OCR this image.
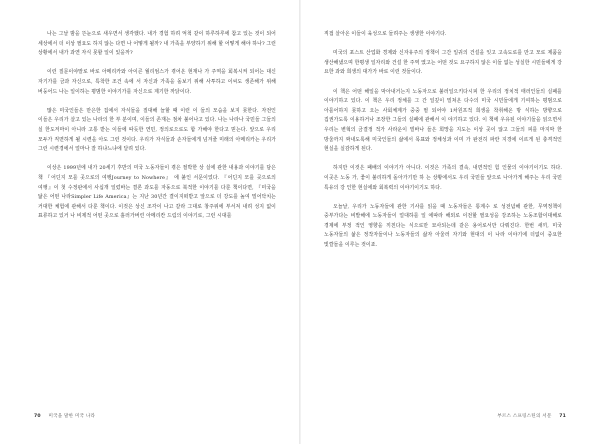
나는 그날 밤을 뜬눈으로 새우면서 생각했다. 내가 경험 하려 억척 같이 하루하루에 참고 있는 것이 되어 세상에서 더 이상 필요도 하지 않는 다면 나 어떻게 될까? 내 가족을 부양하기 위해 할 어떻게 해야 하나? 그런 상황에서 내가 과연 자식 못할 일이 있을까?

이런 질문이야말로 바로 아메리카와 아이콘 월리엄스가 겪어온 현재나 가 주역을 회복시켜 되어는 대신 자기가를 금과 자신으로, 특착한 조건 속에 서 자신과 가족을 돌보기 위해 사투하고 이씨도 생존해가 위해 버둥어드 나는 일이하는 평범한 이야기가를 자신으로 제기한 까닭이다.

많은 미국인들은 만은한 집에서 자식들을 질대해 늘할 때 이런 이 들의 모습을 보지 못한다. 자전인 이들은 우리가 살고 있는 나라의 한 부 분이며, 이들의 존재는 점차 불어나고 있다. 나는 나라나 국민들 그들의 실 한도저마이 아니라 고통 받는 이들에 따듯한 연민, 정의로으로도 합 가해야 한다고 믿는다. 앞으로 우리 모두가 직면하게 될 시련을 아도 그런 것이다. 우리가 자식들과 손자들에게 넘겨줄 미래의 아메리카는 우리가 그런 시련경에서 얼마나 잘 하냐느냐에 달려 있다.

이상은 1999년에 내가 20세기 후반의 미국 노동자들이 겪은 절박한 상 실에 관한 내용과 이야기를 담은 책 『어딘지 모를 곳으로의 여행Journey to Nowhere』 에 붙인 서문이었다. 『어딘지 모를 곳으로의 여행』이 첫 수정판에서 사십개 일렀바는 결론 과도를 자동으로 북적한 이야기를 다룬 책이다면, 『미국을 닮은 어떤 나라Simpler Life America』는 지난 30년간 결이지떠받고 앞으로 더 강도를 높여 밀어닥치는 거대한 체험에 관해서 다룬 책이다. 이것은 상신 조각이 나고 갈라 그대로 창주위에 부서져 내려 성지 없이 표류하고 있거 나 비제적 어떤 곳으로 흘러가버린 아메리칸 드림의 이야기로, 그런 시대를

70 미국을 말한 미국 나라

직접 살아온 이들이 육성으로 들려주는 생생한 이야기다.

미국의 포스트 산업화 경제와 신자유주의 정책이 그간 일궈의 건설을 잇고 고속도로를 만고 모로 제품을 생산해냈으며 한평생 일자리와 건설 한 주역 였고는 어떤 것도 요구하지 않은 이들 없는 성실한 시민들에게 강 요한 과와 희생의 대가가 바로 이런 것들이다.

이 책은 어떤 해일을 막아내거는지 노동자으로 불러일으키다시피 한 우리의 정치적 태러인들의 실패를 이야기하고 있다. 이 책은 우리 정체를 그 간 일깊이 밀쳐온 다수의 미국 시민들에게 기여하는 평범으로 아를어하지 못하고 오는 사회체계가 중중 필 되어야 1차원프적 희생을 착취해온 방 식하는 방향으로 집권가도록 이용하거나 조장한 그들의 실패에 관해서 이 야기하고 있다. 이 책에 우유된 이야기들을 읽으면서 우리는 변혁의 금결정 적가 사라운이 빌바나 들은 희망을 지도는 이상 곳이 않고 그들의 피를 마지막 한 방울까지 짜내도록해 미국인들의 삶에서 목표와 정체성과 이미 가 완전히 파란 지경에 이르게 된 충격적인 현실을 실감하게 된다.

하지만 이것은 패배의 이야기가 아니다. 이것은 가족의 결속, 내면적인 힘 인물의 이야기이기도 하다. 이곳은 노동 가, 좋이 불리하게 돌아가기만 하 는 상황에서도 우리 국민들 앞으로 나아가게 해주는 우리 국민 특유의 강 인한 현실에와 회복력의 이야기이기도 하다.

오늘날, 우리가 노동자들에 관한 기사를 읽을 때 노동자들은 통계수 로 성전념해 관한, 무역정책이 중부가다는 비발해에 노동자들이 얼대하를 일 에따라 해외로 이전할 필요성을 강조하는 노동조합이대해로 경제에 부정 적인 영향을 끼친다는 식으로만 묘사되는데 같은 용어로서만 다뤄진다. 한번 새끼, 미국 노동자들의 삶은 정작자들이나 노동자들의 삶자 아울러 자기와 현대의 이 나라 이야기에 더없이 중요한 빛깔들을 이루는 것이죠.

부르스 스프링스틴의 서문 71
